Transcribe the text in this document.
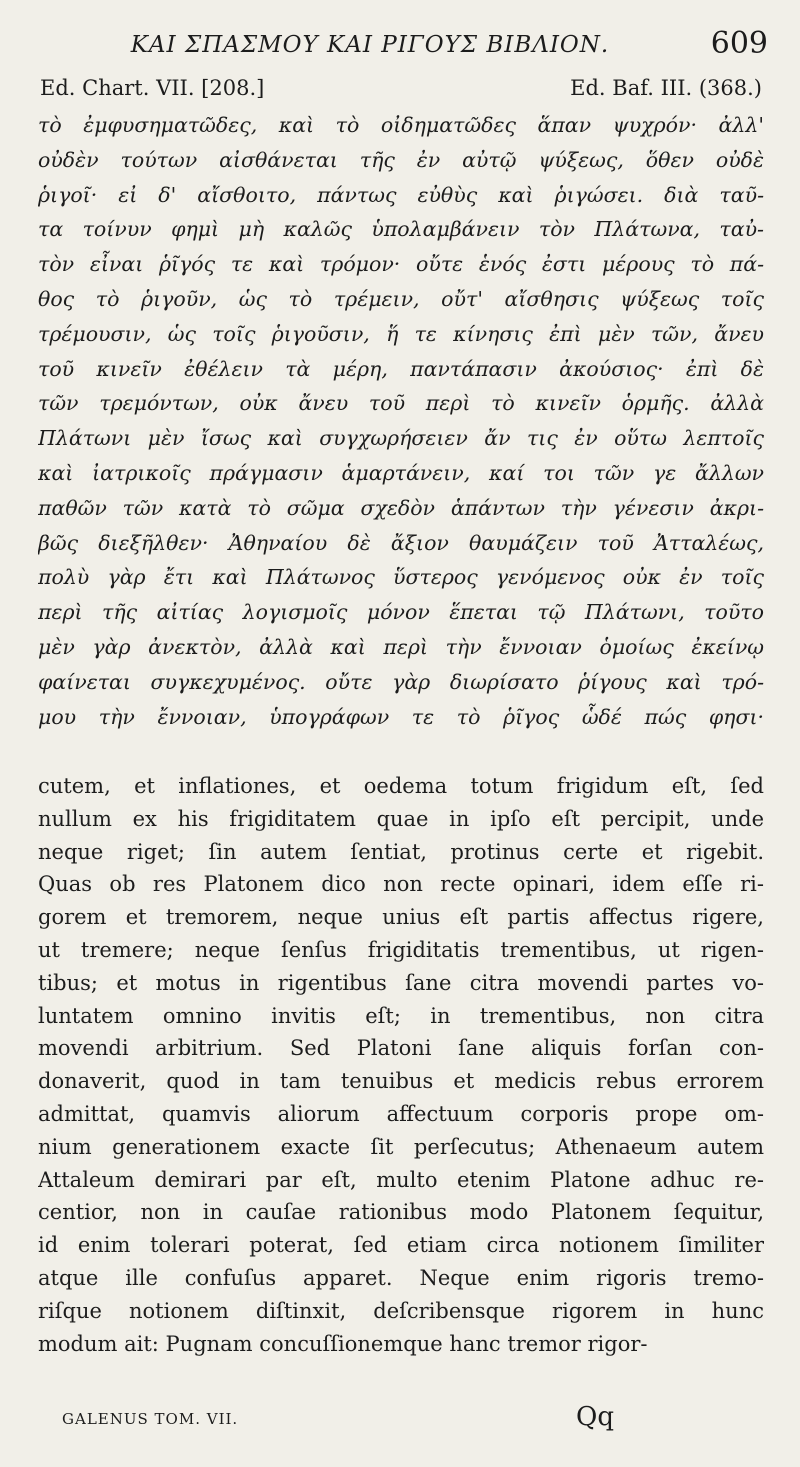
ΚΑΙ ΣΠΑΣΜΟΥ ΚΑΙ ΡΙΓΟΥΣ ΒΙΒΛΙΟΝ.	609
Ed. Chart. VII. [208.]	Ed. Baf. III. (368.)
τὸ ἐμφυσηματῶδες, καὶ τὸ οἰδηματῶδες ἅπαν ψυχρόν· ἀλλ'
οὐδὲν τούτων αἰσθάνεται τῆς ἐν αὐτῷ ψύξεως, ὅθεν οὐδὲ
ῥιγοῖ· εἰ δ' αἴσθοιτο, πάντως εὐθὺς καὶ ῥιγώσει. διὰ ταῦ-
τα τοίνυν φημὶ μὴ καλῶς ὑπολαμβάνειν τὸν Πλάτωνα, ταὐ-
τὸν εἶναι ῥῖγός τε καὶ τρόμον· οὔτε ἑνός ἐστι μέρους τὸ πά-
θος τὸ ῥιγοῦν, ὡς τὸ τρέμειν, οὔτ' αἴσθησις ψύξεως τοῖς
τρέμουσιν, ὡς τοῖς ῥιγοῦσιν, ἥ τε κίνησις ἐπὶ μὲν τῶν, ἄνευ
τοῦ κινεῖν ἐθέλειν τὰ μέρη, παντάπασιν ἀκούσιος· ἐπὶ δὲ
τῶν τρεμόντων, οὐκ ἄνευ τοῦ περὶ τὸ κινεῖν ὁρμῆς. ἀλλὰ
Πλάτωνι μὲν ἴσως καὶ συγχωρήσειεν ἄν τις ἐν οὕτω λεπτοῖς
καὶ ἰατρικοῖς πράγμασιν ἁμαρτάνειν, καί τοι τῶν γε ἄλλων
παθῶν τῶν κατὰ τὸ σῶμα σχεδὸν ἁπάντων τὴν γένεσιν ἀκρι-
βῶς διεξῆλθεν· Ἀθηναίου δὲ ἄξιον θαυμάζειν τοῦ Ἀτταλέως,
πολὺ γὰρ ἔτι καὶ Πλάτωνος ὕστερος γενόμενος οὐκ ἐν τοῖς
περὶ τῆς αἰτίας λογισμοῖς μόνον ἕπεται τῷ Πλάτωνι, τοῦτο
μὲν γὰρ ἀνεκτὸν, ἀλλὰ καὶ περὶ τὴν ἔννοιαν ὁμοίως ἐκείνῳ
φαίνεται συγκεχυμένος. οὔτε γὰρ διωρίσατο ῥίγους καὶ τρό-
μου τὴν ἔννοιαν, ὑπογράφων τε τὸ ῥῖγος ὧδέ πώς φησι·
cutem, et inflationes, et oedema totum frigidum eſt, ſed
nullum ex his frigiditatem quae in ipſo eſt percipit, unde
neque riget; ſin autem ſentiat, protinus certe et rigebit.
Quas ob res Platonem dico non recte opinari, idem eſſe ri-
gorem et tremorem, neque unius eſt partis affectus rigere,
ut tremere; neque ſenſus frigiditatis trementibus, ut rigen-
tibus; et motus in rigentibus ſane citra movendi partes vo-
luntatem omnino invitis eſt; in trementibus, non citra
movendi arbitrium. Sed Platoni ſane aliquis forſan con-
donaverit, quod in tam tenuibus et medicis rebus errorem
admittat, quamvis aliorum affectuum corporis prope om-
nium generationem exacte ſit perſecutus; Athenaeum autem
Attaleum demirari par eſt, multo etenim Platone adhuc re-
centior, non in cauſae rationibus modo Platonem ſequitur,
id enim tolerari poterat, ſed etiam circa notionem ſimiliter
atque ille confuſus apparet. Neque enim rigoris tremo-
riſque notionem diſtinxit, deſcribensque rigorem in hunc
modum ait: Pugnam concuſſionemque hanc tremor rigor-
GALENUS TOM. VII.	Qq
